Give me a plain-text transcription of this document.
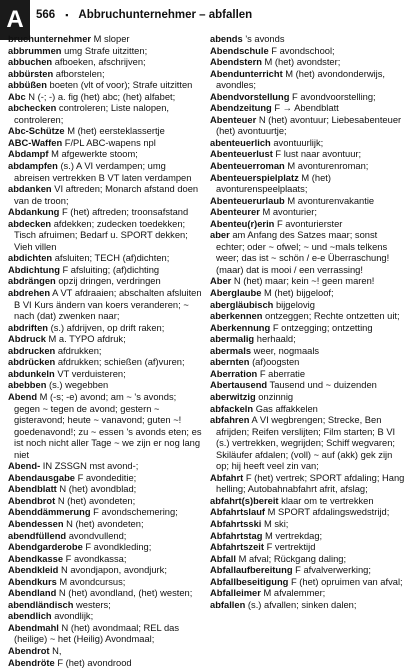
A	566 ▪ Abbruchunternehmer – abfallen

bruchunternehmer M sloper

abbrummen umg Strafe uitzitten;

abbuchen afboeken, afschrijven;

abbürsten afborstelen;

abbüßen boeten (vlt of voor); Strafe uitzitten

Abc N (-; -) a. fig (het) abc; (het) alfabet;

abchecken controleren; Liste nalopen, controleren;

Abc-Schütze M (het) eersteklassertje

ABC-Waffen F/PL ABC-wapens npl

Abdampf M afgewerkte stoom;

abdampfen (s.) A VI verdampen; umg abreisen vertrekken B VT laten verdampen

abdanken VI aftreden; Monarch afstand doen van de troon;

Abdankung F (het) aftreden; troonsafstand

abdecken afdekken; zudecken toedekken; Tisch afruimen; Bedarf u. SPORT dekken; Vieh villen

abdichten afsluiten; TECH (af)dichten;

Abdichtung F afsluiting; (af)dichting

abdrängen opzij dringen, verdringen

abdrehen A VT afdraaien; abschalten afsluiten B VI Kurs ändern van koers veranderen; ~ nach (dat) zwenken naar;

abdriften (s.) afdrijven, op drift raken;

Abdruck M a. TYPO afdruk;

abdrucken afdrukken;

abdrücken afdrukken; schießen (af)vuren;

abdunkeln VT verduisteren;

abebben (s.) wegebben

Abend M (-s; -e) avond; am ~ 's avonds; gegen ~ tegen de avond; gestern ~ gisteravond; heute ~ vanavond; guten ~! goedenavond!; zu ~ essen 's avonds eten; es ist noch nicht aller Tage ~ we zijn er nog lang niet

Abend- IN ZSSGN mst avond-;

Abendausgabe F avondeditie;

Abendblatt N (het) avondblad;

Abendbrot N (het) avondeten;

Abenddämmerung F avondschemering;

Abendessen N (het) avondeten;

abendfüllend avondvullend;

Abendgarderobe F avondkleding;

Abendkasse F avondkassa;

Abendkleid N avondjapon, avondjurk;

Abendkurs M avondcursus;

Abendland N (het) avondland, (het) westen;

abendländisch westers;

abendlich avondlijk;

Abendmahl N (het) avondmaal; REL das (heilige) ~ het (Heilig) Avondmaal;

Abendrot N,

Abendröte F (het) avondrood

abends 's avonds

Abendschule F avondschool;

Abendstern M (het) avondster;

Abendunterricht M (het) avondonderwijs, avondles;

Abendvorstellung F avondvoorstelling;

Abendzeitung F → Abendblatt

Abenteuer N (het) avontuur; Liebesabenteuer (het) avontuurtje;

abenteuerlich avontuurlijk;

Abenteuerlust F lust naar avontuur;

Abenteuerroman M avonturenroman;

Abenteuerspielplatz M (het) avonturenspeelplaats;

Abenteuerurlaub M avonturenvakantie

Abenteurer M avonturier;

Abenteu(r)erin F avonturierster

aber am Anfang des Satzes maar; sonst echter; oder ~ ofwel; ~ und ~mals telkens weer; das ist ~ schön / e-e Überraschung! (maar) dat is mooi / een verrassing!

Aber N (het) maar; kein ~! geen maren!

Aberglaube M (het) bijgeloof;

abergläubisch bijgelovig

aberkennen ontzeggen; Rechte ontzetten uit;

Aberkennung F ontzegging; ontzetting

abermalig herhaald;

abermals weer, nogmaals

abernten (af)oogsten

Aberration F aberratie

Abertausend Tausend und ~ duizenden

aberwitzig onzinnig

abfackeln Gas affakkelen

abfahren A VI wegbrengen; Strecke, Ben afrijden; Reifen verslijten; Film starten; B VI (s.) vertrekken, wegrijden; Schiff wegvaren; Skiläufer afdalen; (voll) ~ auf (akk) gek zijn op; hij heeft veel zin van;

Abfahrt F (het) vertrek; SPORT afdaling; Hang helling; Autobahnabfahrt afrit, afslag;

abfahrt(s)bereit klaar om te vertrekken

Abfahrtslauf M SPORT afdalingswedstrijd;

Abfahrtsski M ski;

Abfahrtstag M vertrekdag;

Abfahrtszeit F vertrektijd

Abfall M afval; Rückgang daling;

Abfallaufbereitung F afvalverwerking;

Abfallbeseitigung F (het) opruimen van afval;

Abfalleimer M afvalemmer;

abfallen (s.) afvallen; sinken dalen;
